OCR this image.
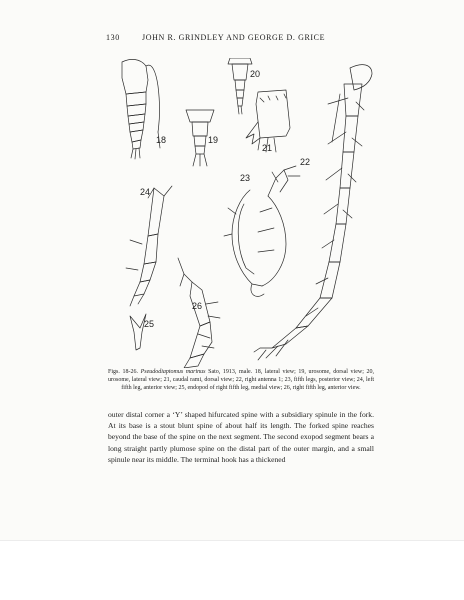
130	JOHN R. GRINDLEY AND GEORGE D. GRICE
18	19
20
21
22
23
24
25
26
Figs. 18-26. Pseudodiaptomus marinus Sato, 1913, male. 18, lateral view; 19, urosome, dorsal view; 20, urosome, lateral view; 21, caudal rami, dorsal view; 22, right antenna 1; 23, fifth legs, posterior view; 24, left fifth leg, anterior view; 25, endopod of right fifth leg, medial view; 26, right fifth leg, anterior view.
outer distal corner a ‘Y’ shaped hifurcated spine with a subsidiary spinule in the fork. At its base is a stout blunt spine of about half its length. The forked spine reaches beyond the base of the spine on the next segment. The second exopod segment bears a long straight partly plumose spine on the distal part of the outer margin, and a small spinule near its middle. The terminal hook has a thickened
